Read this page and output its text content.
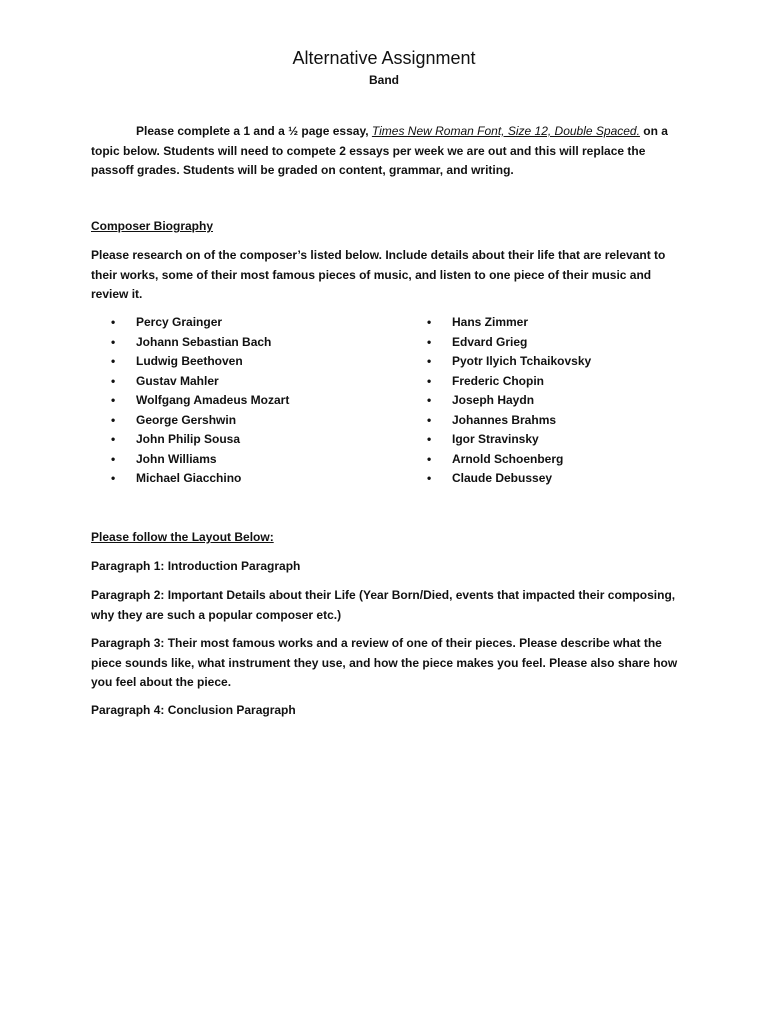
Alternative Assignment
Band

Please complete a 1 and a ½ page essay, Times New Roman Font, Size 12, Double Spaced. on a topic below. Students will need to compete 2 essays per week we are out and this will replace the passoff grades. Students will be graded on content, grammar, and writing.

Composer Biography

Please research on of the composer’s listed below. Include details about their life that are relevant to their works, some of their most famous pieces of music, and listen to one piece of their music and review it.

• Percy Grainger
• Johann Sebastian Bach
• Ludwig Beethoven
• Gustav Mahler
• Wolfgang Amadeus Mozart
• George Gershwin
• John Philip Sousa
• John Williams
• Michael Giacchino
• Hans Zimmer
• Edvard Grieg
• Pyotr Ilyich Tchaikovsky
• Frederic Chopin
• Joseph Haydn
• Johannes Brahms
• Igor Stravinsky
• Arnold Schoenberg
• Claude Debussey

Please follow the Layout Below:

Paragraph 1: Introduction Paragraph

Paragraph 2: Important Details about their Life (Year Born/Died, events that impacted their composing, why they are such a popular composer etc.)

Paragraph 3: Their most famous works and a review of one of their pieces. Please describe what the piece sounds like, what instrument they use, and how the piece makes you feel. Please also share how you feel about the piece.

Paragraph 4: Conclusion Paragraph
